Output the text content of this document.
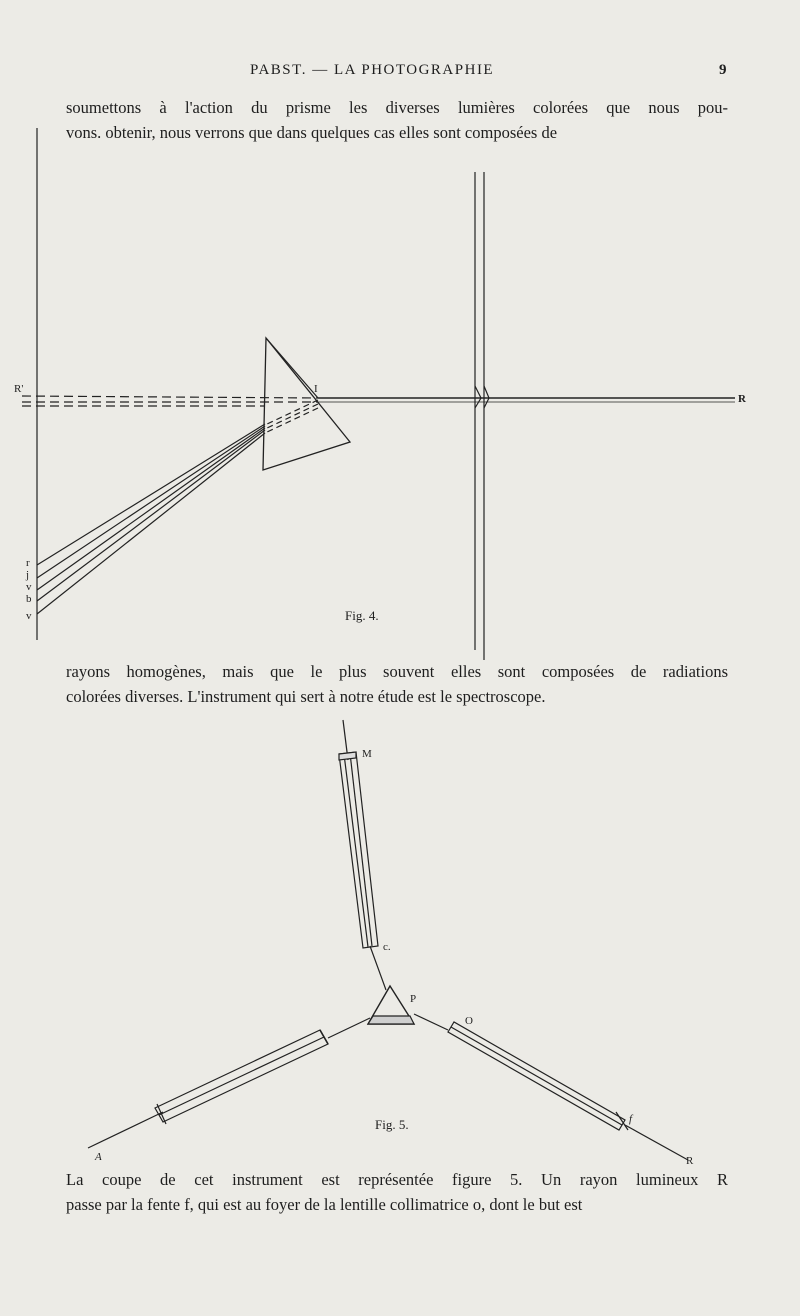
PABST. — LA PHOTOGRAPHIE	9
soumettons à l'action du prisme les diverses lumières colorées que nous pou-
vons. obtenir, nous verrons que dans quelques cas elles sont composées de
R'
R
I
r
j
v
b
v	Fig. 4.
rayons homogènes, mais que le plus souvent elles sont composées de radiations
colorées diverses. L'instrument qui sert à notre étude est le spectroscope.
M
c.
P
O
f
A	R
Fig. 5.
La coupe de cet instrument est représentée figure 5. Un rayon lumineux R
passe par la fente f, qui est au foyer de la lentille collimatrice o, dont le but est
